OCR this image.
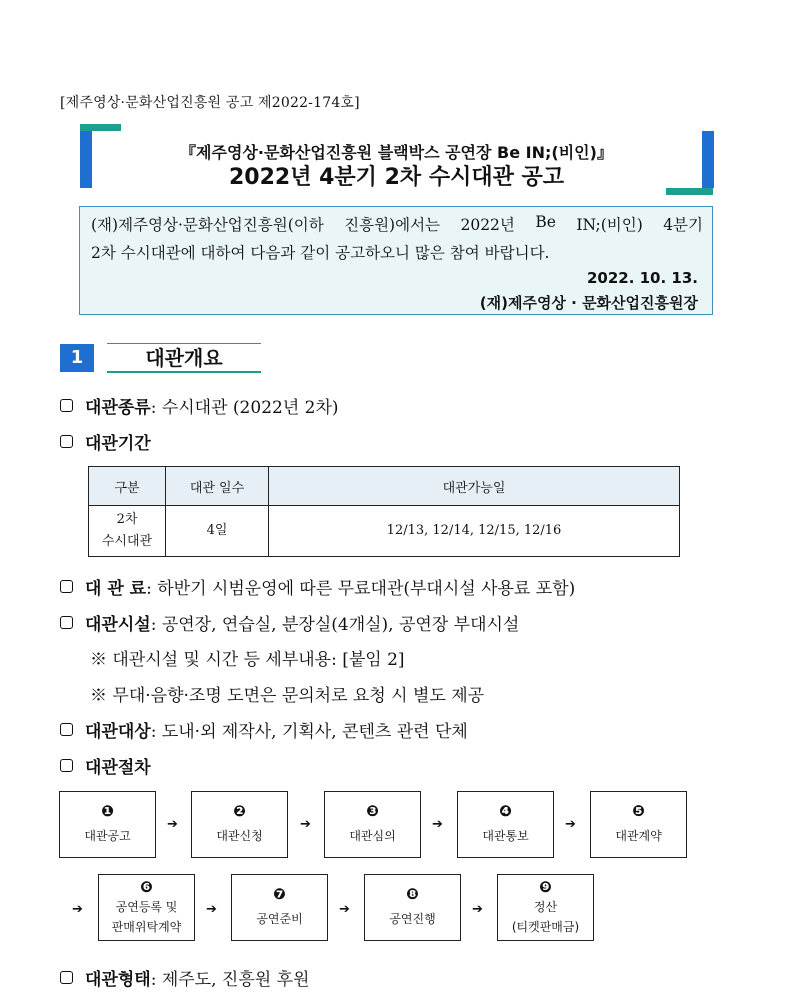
[제주영상·문화산업진흥원 공고 제2022-174호]
『제주영상·문화산업진흥원 블랙박스 공연장 Be IN;(비인)』
2022년 4분기 2차 수시대관 공고
(재)제주영상·문화산업진흥원(이하 진흥원)에서는 2022년 Be IN;(비인) 4분기
2차 수시대관에 대하여 다음과 같이 공고하오니 많은 참여 바랍니다.
2022. 10. 13.
(재)제주영상 · 문화산업진흥원장
1	대관개요
대관종류 : 수시대관 (2022년 2차)
대관기간
구분	대관 일수	대관가능일
2차
수시대관	4일	12/13, 12/14, 12/15, 12/16
대 관 료 : 하반기 시범운영에 따른 무료대관(부대시설 사용료 포함)
대관시설 : 공연장, 연습실, 분장실(4개실), 공연장 부대시설
※ 대관시설 및 시간 등 세부내용: [붙임 2]
※ 무대·음향·조명 도면은 문의처로 요청 시 별도 제공
대관대상 : 도내·외 제작사, 기획사, 콘텐츠 관련 단체
대관절차
❶
대관공고
➔
❷
대관신청
➔
❸
대관심의
➔
❹
대관통보
➔
❺
대관계약
➔
❻
공연등록 및
판매위탁계약
➔
❼
공연준비
➔
❽
공연진행
➔
❾
정산
(티켓판매금)
대관형태 : 제주도, 진흥원 후원
